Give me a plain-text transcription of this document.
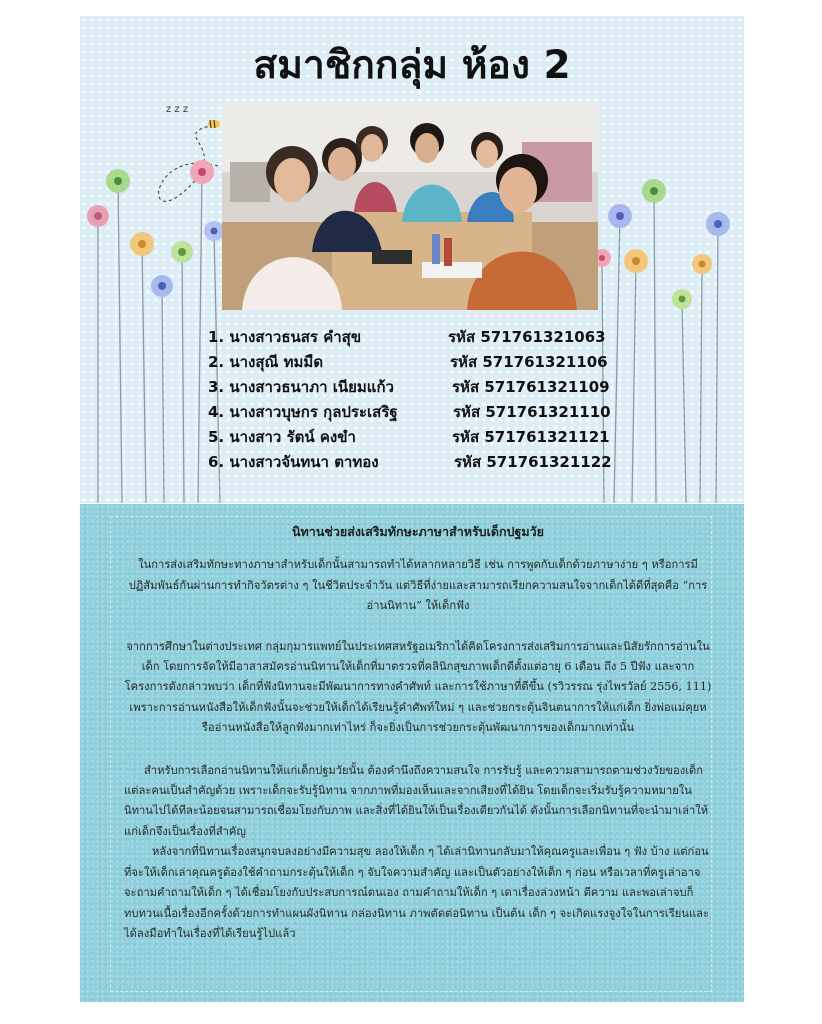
z z z
สมาชิกกลุ่ม ห้อง 2
1. นางสาวธนสร คำสุข	รหัส 571761321063
2. นางสุณี ทมมืด	รหัส 571761321106
3. นางสาวธนาภา เนียมแก้ว	รหัส 571761321109
4. นางสาวบุษกร กุลประเสริฐ	รหัส 571761321110
5. นางสาว รัตน์ คงขำ	รหัส 571761321121
6. นางสาวจันทนา ตาทอง	รหัส 571761321122
นิทานช่วยส่งเสริมทักษะภาษาสำหรับเด็กปฐมวัย

ในการส่งเสริมทักษะทางภาษาสำหรับเด็กนั้นสามารถทำได้หลากหลายวิธี เช่น การพูดกับเด็กด้วยภาษาง่าย ๆ หรือการมีปฏิสัมพันธ์กันผ่านการทำกิจวัตรต่าง ๆ ในชีวิตประจำวัน แต่วิธีที่ง่ายและสามารถเรียกความสนใจจากเด็กได้ดีที่สุดคือ “การอ่านนิทาน” ให้เด็กฟัง

จากการศึกษาในต่างประเทศ กลุ่มกุมารแพทย์ในประเทศสหรัฐอเมริกาได้คิดโครงการส่งเสริมการอ่านและนิสัยรักการอ่านในเด็ก โดยการจัดให้มีอาสาสมัครอ่านนิทานให้เด็กที่มาตรวจที่คลินิกสุขภาพเด็กดีตั้งแต่อายุ 6 เดือน ถึง 5 ปีฟัง และจากโครงการดังกล่าวพบว่า เด็กที่ฟังนิทานจะมีพัฒนาการทางคำศัพท์ และการใช้ภาษาที่ดีขึ้น (รวิวรรณ รุ่งไพรวัลย์ 2556, 111) เพราะการอ่านหนังสือให้เด็กฟังนั้นจะช่วยให้เด็กได้เรียนรู้คำศัพท์ใหม่ ๆ และช่วยกระตุ้นจินตนาการให้แก่เด็ก ยิ่งพ่อแม่คุยหรืออ่านหนังสือให้ลูกฟังมากเท่าไหร่ ก็จะยิ่งเป็นการช่วยกระตุ้นพัฒนาการของเด็กมากเท่านั้น

สำหรับการเลือกอ่านนิทานให้แก่เด็กปฐมวัยนั้น ต้องคำนึงถึงความสนใจ การรับรู้ และความสามารถตามช่วงวัยของเด็กแต่ละคนเป็นสำคัญด้วย เพราะเด็กจะรับรู้นิทาน จากภาพที่มองเห็นและจากเสียงที่ได้ยิน โดยเด็กจะเริ่มรับรู้ความหมายในนิทานไปได้ทีละน้อยจนสามารถเชื่อมโยงกับภาพ และสิ่งที่ได้ยินให้เป็นเรื่องเดียวกันได้ ดังนั้นการเลือกนิทานที่จะนำมาเล่าให้แก่เด็กจึงเป็นเรื่องที่สำคัญ

หลังจากที่นิทานเรื่องสนุกจบลงอย่างมีความสุข ลองให้เด็ก ๆ ได้เล่านิทานกลับมาให้คุณครูและเพื่อน ๆ ฟัง บ้าง แต่ก่อนที่จะให้เด็กเล่าคุณครูต้องใช้คำถามกระตุ้นให้เด็ก ๆ จับใจความสำคัญ และเป็นตัวอย่างให้เด็ก ๆ ก่อน หรือเวลาที่ครูเล่าอาจจะถามคำถามให้เด็ก ๆ ได้เชื่อมโยงกับประสบการณ์ตนเอง ถามคำถามให้เด็ก ๆ เดาเรื่องล่วงหน้า ตีความ และพอเล่าจบก็ทบทวนเนื้อเรื่องอีกครั้งด้วยการทำแผนผังนิทาน กล่องนิทาน ภาพตัดต่อนิทาน เป็นต้น เด็ก ๆ จะเกิดแรงจูงใจในการเรียนและได้ลงมือทำในเรื่องที่ได้เรียนรู้ไปแล้ว
